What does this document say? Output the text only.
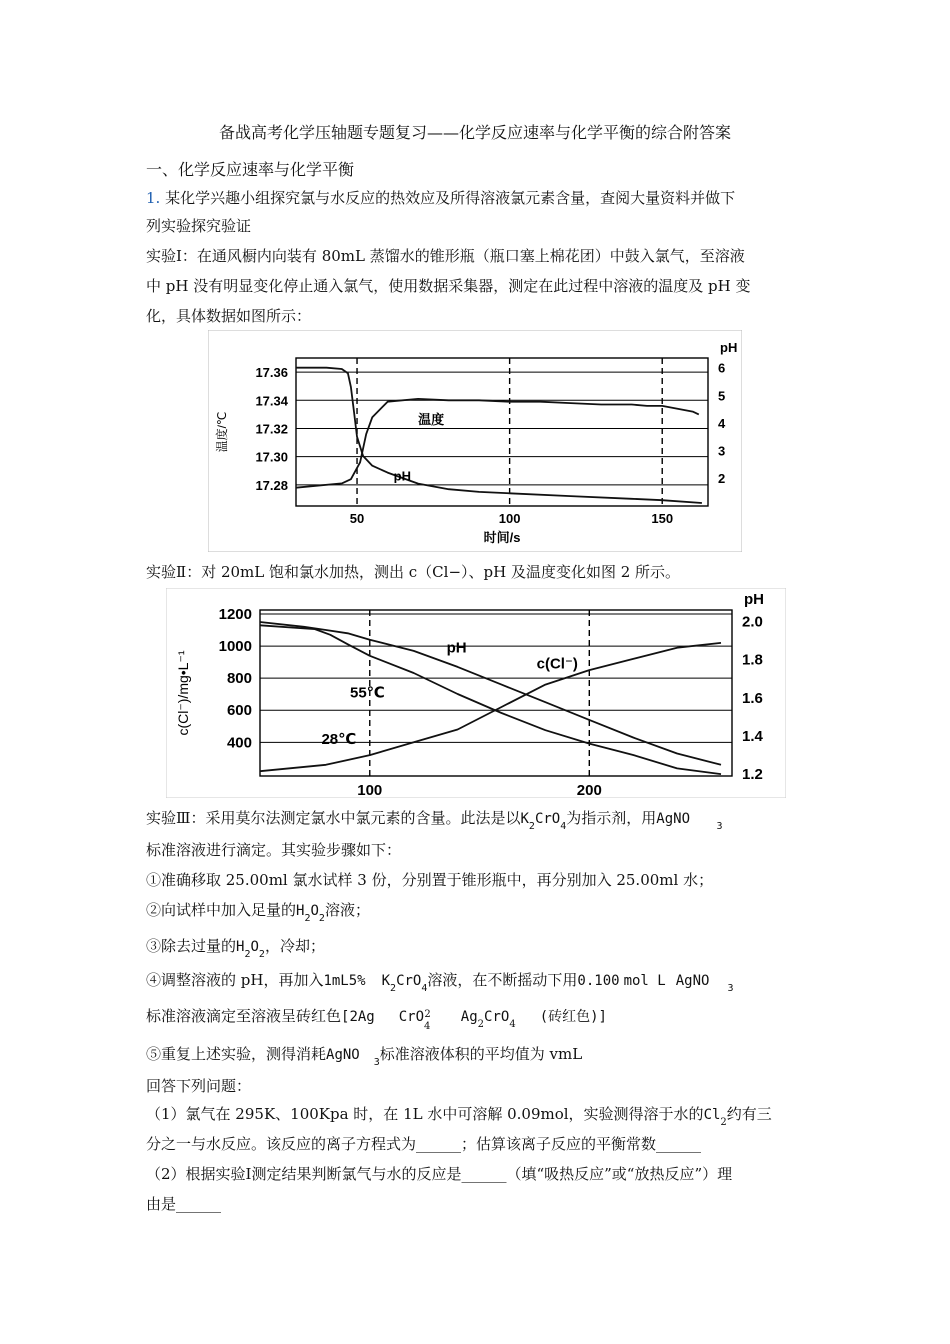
备战高考化学压轴题专题复习——化学反应速率与化学平衡的综合附答案
一、化学反应速率与化学平衡
1. 某化学兴趣小组探究氯与水反应的热效应及所得溶液氯元素含量，查阅大量资料并做下
列实验探究验证
实验Ⅰ：在通风橱内向装有 80mL 蒸馏水的锥形瓶（瓶口塞上棉花团）中鼓入氯气，至溶液
中 pH 没有明显变化停止通入氯气，使用数据采集器，测定在此过程中溶液的温度及 pH 变
化，具体数据如图所示：
17.36
17.34
17.32
17.30
17.28
6
5
4
3
2
50	100	150
时间/s
温度/℃
pH
温度
pH
实验Ⅱ：对 20mL 饱和氯水加热，测出 c（Cl−）、pH 及温度变化如图 2 所示。
1200
1000
800
600
400
2.0
1.8
1.6
1.4
1.2
100	200
c(Cl⁻)/mg•L⁻¹
pH
pH
c(Cl⁻)
55℃
28℃
实验Ⅲ：采用莫尔法测定氯水中氯元素的含量。此法是以$K_2CrO_4$为指示剂，用AgNO	$_3$
标准溶液进行滴定。其实验步骤如下：
①准确移取 25.00ml 氯水试样 3 份，分别置于锥形瓶中，再分别加入 25.00ml 水；
②向试样中加入足量的$H_2O_2$溶液；
③除去过量的$H_2O_2$，冷却；
④调整溶液的 pH，再加入1mL5% $K_2CrO_4$溶液，在不断摇动下用0.100 mol L AgNO $_3$
标准溶液滴定至溶液呈砖红色[2Ag CrO$_4^2$ $Ag_2CrO_4$ (砖红色)]
⑤重复上述实验，测得消耗AgNO $_3$标准溶液体积的平均值为 vmL
回答下列问题：
（1）氯气在 295K、100Kpa 时，在 1L 水中可溶解 0.09mol，实验测得溶于水的$Cl_2$约有三
分之一与水反应。该反应的离子方程式为______；估算该离子反应的平衡常数______
（2）根据实验Ⅰ测定结果判断氯气与水的反应是______（填“吸热反应”或“放热反应”）理
由是______
